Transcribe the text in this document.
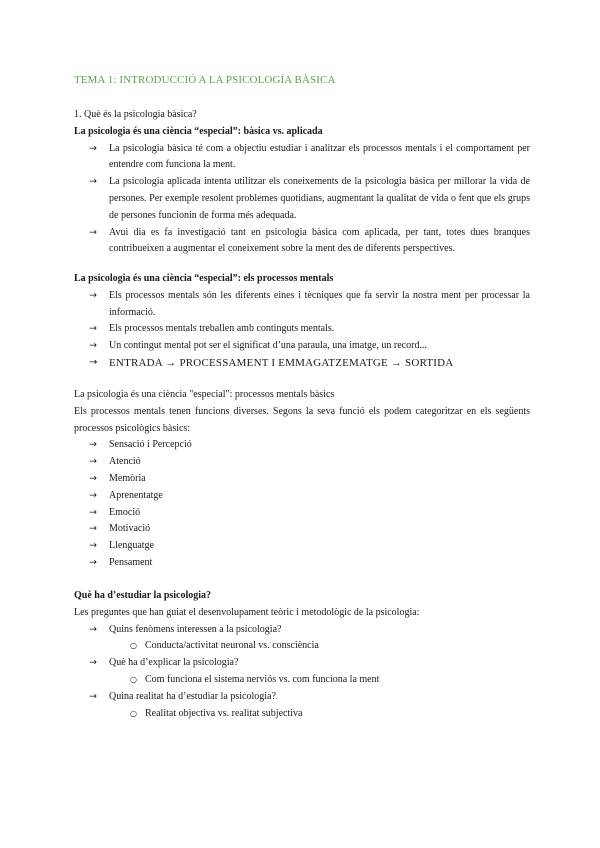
TEMA 1: INTRODUCCIÓ A LA PSICOLOGÍA BÀSICA

1. Què és la psicologia bàsica?

La psicologia és una ciència “especial”: bàsica vs. aplicada

→ La psicologia bàsica té com a objectiu estudiar i analitzar els processos mentals i el comportament per entendre com funciona la ment.
→ La psicologia aplicada intenta utilitzar els coneixements de la psicologia bàsica per millorar la vida de persones. Per exemple resolent problemes quotidians, augmentant la qualitat de vida o fent que els grups de persones funcionin de forma més adequada.
→ Avui dia es fa investigació tant en psicologia bàsica com aplicada, per tant, totes dues branques contribueixen a augmentar el coneixement sobre la ment des de diferents perspectives.

La psicologia és una ciència “especial”: els processos mentals

→ Els processos mentals són les diferents eines i tècniques que fa servir la nostra ment per processar la informació.
→ Els processos mentals treballen amb continguts mentals.
→ Un contingut mental pot ser el significat d’una paraula, una imatge, un record...
→ ENTRADA → PROCESSAMENT I EMMAGATZEMATGE → SORTIDA

La psicologia és una ciència "especial": processos mentals bàsics

Els processos mentals tenen funcions diverses. Segons la seva funció els podem categoritzar en els següents processos psicològics bàsics:

→ Sensació i Percepció
→ Atenció
→ Memòria
→ Aprenentatge
→ Emoció
→ Motivació
→ Llenguatge
→ Pensament

Què ha d’estudiar la psicologia?

Les preguntes que han guiat el desenvolupament teòric i metodològic de la psicologia:

→ Quins fenòmens interessen a la psicologia?
○ Conducta/activitat neuronal vs. consciència
→ Què ha d’explicar la psicologia?
○ Com funciona el sistema nerviós vs. com funciona la ment
→ Quina realitat ha d’estudiar la psicologia?
○ Realitat objectiva vs. realitat subjectiva
